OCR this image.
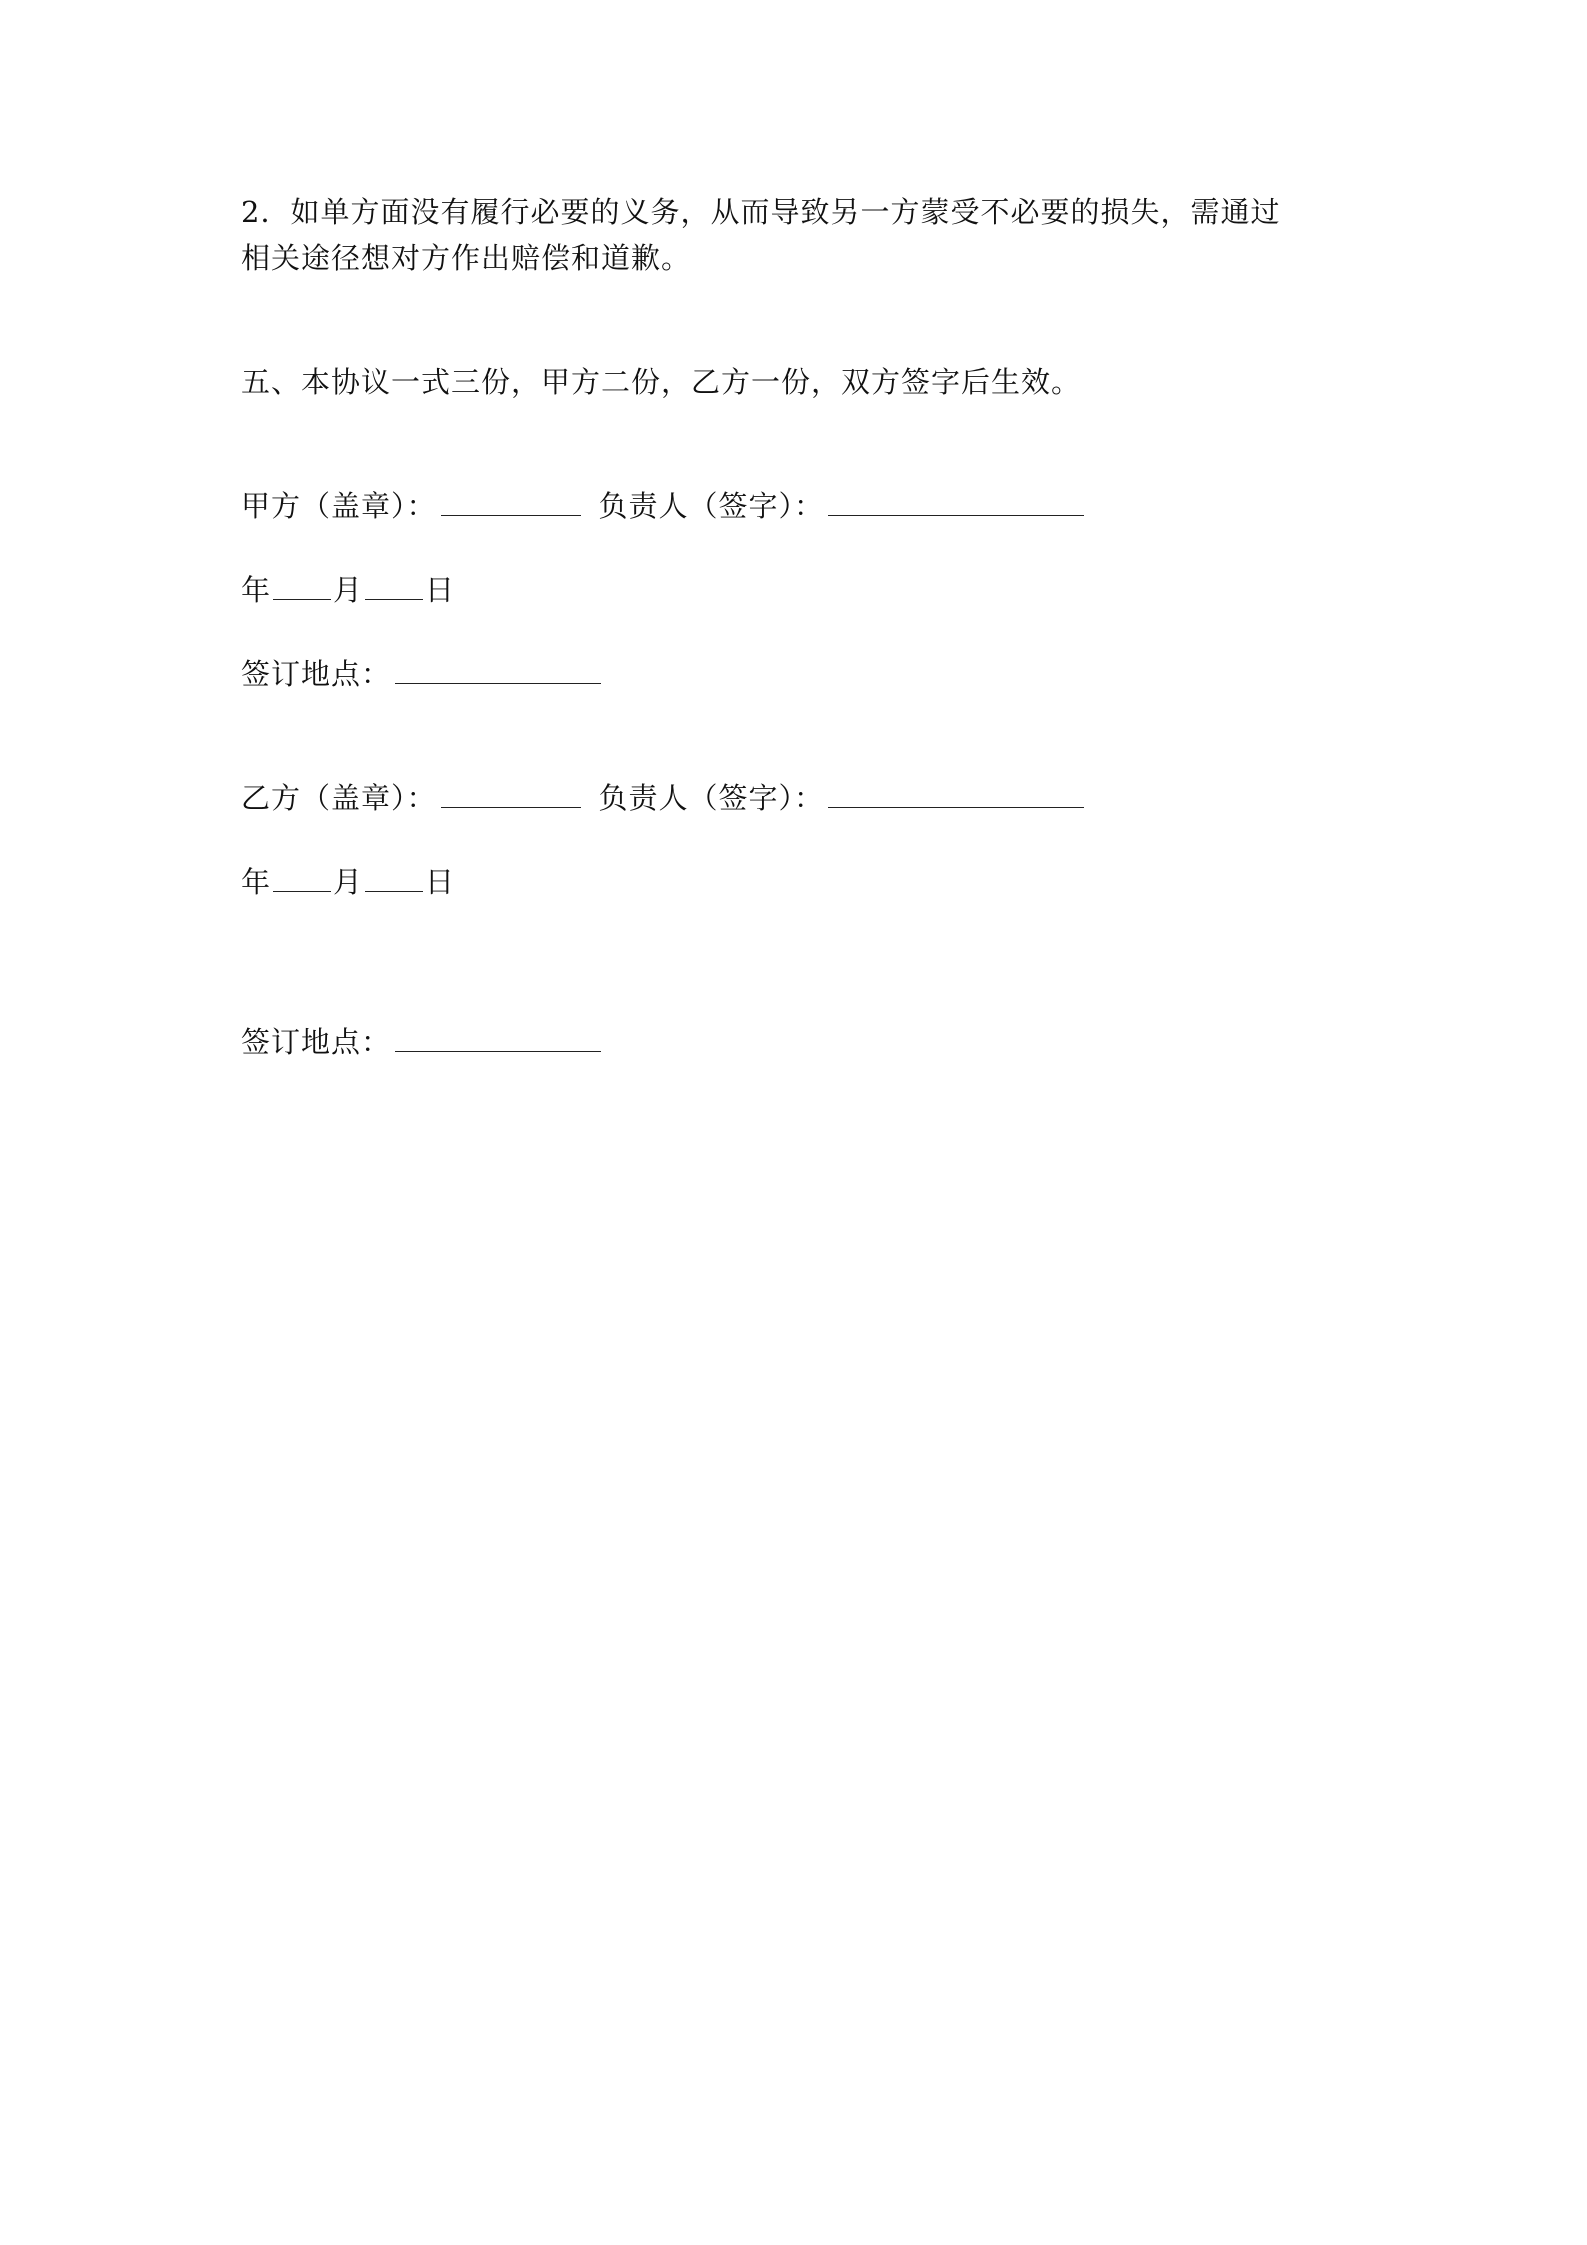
2．如单方面没有履行必要的义务，从而导致另一方蒙受不必要的损失，需通过
相关途径想对方作出赔偿和道歉。
五、本协议一式三份，甲方二份，乙方一份，双方签字后生效。
甲方（盖章）：	负责人（签字）：
年 月 日
签订地点：
乙方（盖章）：	负责人（签字）：
年 月 日
签订地点：
